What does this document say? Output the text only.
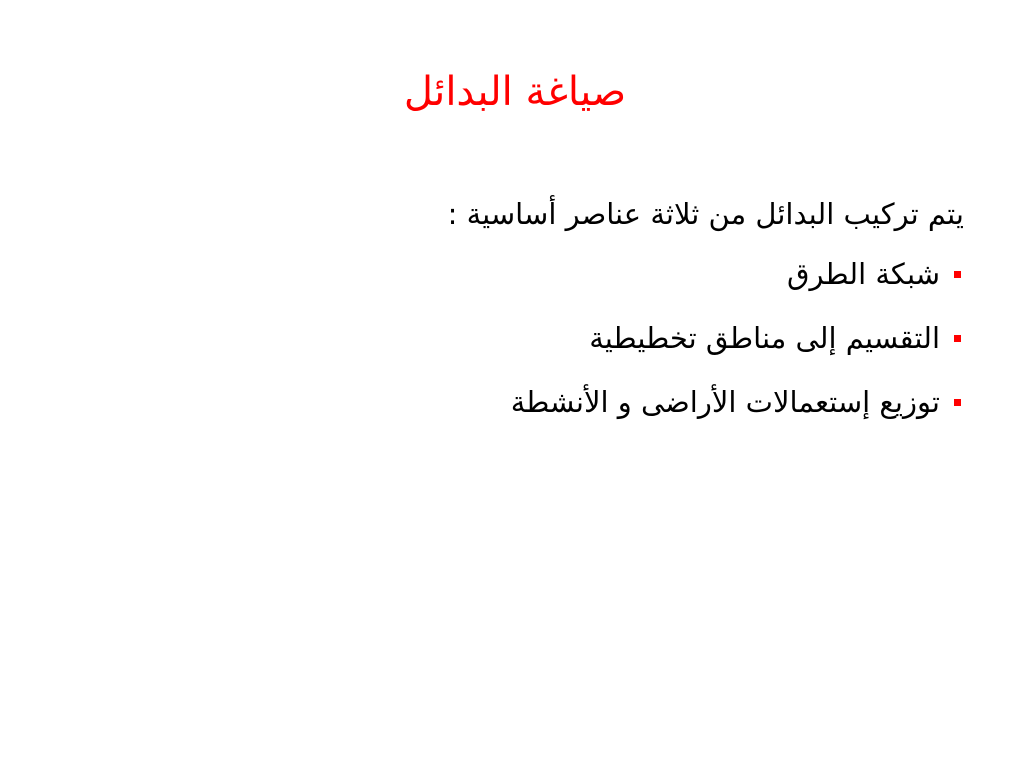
صياغة البدائل
يتم تركيب البدائل من ثلاثة عناصر أساسية :
شبكة الطرق
التقسيم إلى مناطق تخطيطية
توزيع إستعمالات الأراضى و الأنشطة
